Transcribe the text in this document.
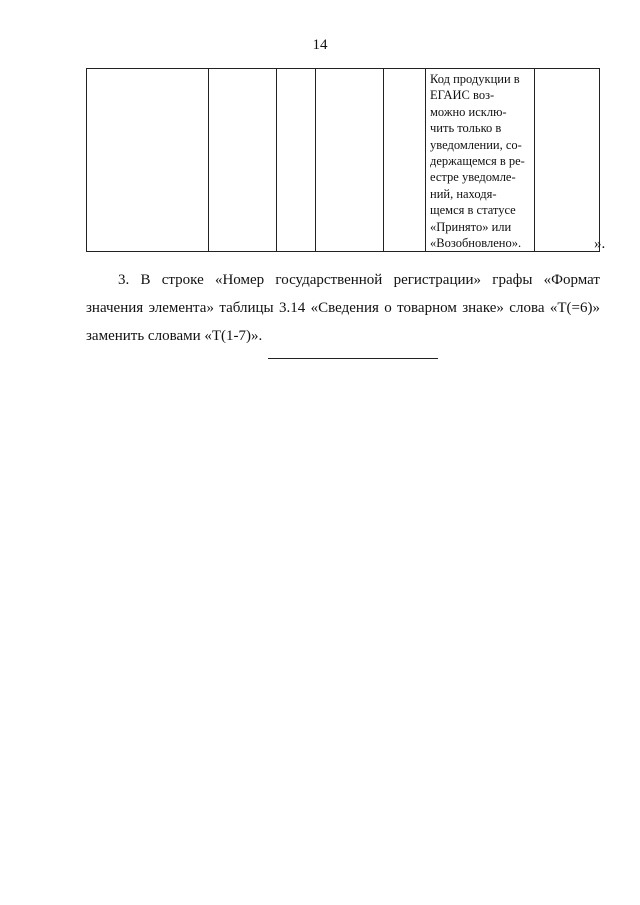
14

Код продукции в
ЕГАИС воз-
можно исклю-
чить только в
уведомлении, со-
держащемся в ре-
естре уведомле-
ний, находя-
щемся в статусе
«Принято» или
«Возобновлено».
		».

3. В строке «Номер государственной регистрации» графы «Формат значения элемента» таблицы 3.14 «Сведения о товарном знаке» слова «Т(=6)» заменить словами «Т(1-7)».
